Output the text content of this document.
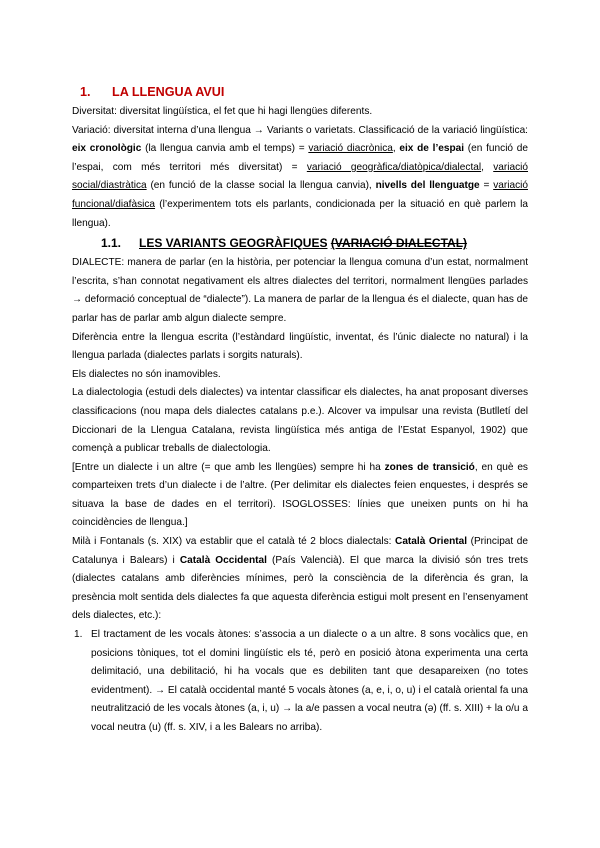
1. LA LLENGUA AVUI

Diversitat: diversitat lingüística, el fet que hi hagi llengües diferents.

Variació: diversitat interna d’una llengua → Variants o varietats. Classificació de la variació lingüística: eix cronològic (la llengua canvia amb el temps) = variació diacrònica, eix de l’espai (en funció de l’espai, com més territori més diversitat) = variació geogràfica/diatòpica/dialectal, variació social/diastràtica (en funció de la classe social la llengua canvia), nivells del llenguatge = variació funcional/diafàsica (l’experimentem tots els parlants, condicionada per la situació en què parlem la llengua).

1.1. LES VARIANTS GEOGRÀFIQUES (VARIACIÓ DIALECTAL)

DIALECTE: manera de parlar (en la història, per potenciar la llengua comuna d’un estat, normalment l’escrita, s’han connotat negativament els altres dialectes del territori, normalment llengües parlades → deformació conceptual de “dialecte”). La manera de parlar de la llengua és el dialecte, quan has de parlar has de parlar amb algun dialecte sempre.

Diferència entre la llengua escrita (l’estàndard lingüístic, inventat, és l’únic dialecte no natural) i la llengua parlada (dialectes parlats i sorgits naturals).

Els dialectes no són inamovibles.

La dialectologia (estudi dels dialectes) va intentar classificar els dialectes, ha anat proposant diverses classificacions (nou mapa dels dialectes catalans p.e.). Alcover va impulsar una revista (Butlletí del Diccionari de la Llengua Catalana, revista lingüística més antiga de l’Estat Espanyol, 1902) que començà a publicar treballs de dialectologia.

[Entre un dialecte i un altre (= que amb les llengües) sempre hi ha zones de transició, en què es comparteixen trets d’un dialecte i de l’altre. (Per delimitar els dialectes feien enquestes, i després se situava la base de dades en el territori). ISOGLOSSES: línies que uneixen punts on hi ha coincidències de llengua.]

Milà i Fontanals (s. XIX) va establir que el català té 2 blocs dialectals: Català Oriental (Principat de Catalunya i Balears) i Català Occidental (País Valencià). El que marca la divisió són tres trets (dialectes catalans amb diferències mínimes, però la consciència de la diferència és gran, la presència molt sentida dels dialectes fa que aquesta diferència estigui molt present en l’ensenyament dels dialectes, etc.):

1. El tractament de les vocals àtones: s’associa a un dialecte o a un altre. 8 sons vocàlics que, en posicions tòniques, tot el domini lingüístic els té, però en posició àtona experimenta una certa delimitació, una debilitació, hi ha vocals que es debiliten tant que desapareixen (no totes evidentment). → El català occidental manté 5 vocals àtones (a, e, i, o, u) i el català oriental fa una neutralització de les vocals àtones (a, i, u) → la a/e passen a vocal neutra (ə) (ff. s. XIII) + la o/u a vocal neutra (u) (ff. s. XIV, i a les Balears no arriba).
